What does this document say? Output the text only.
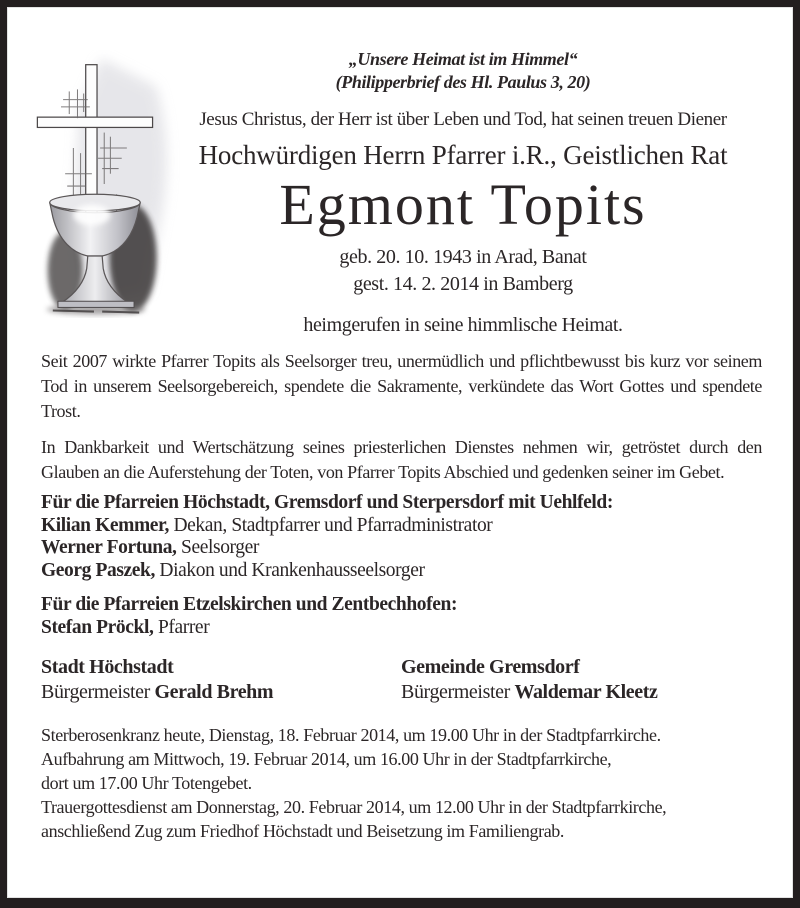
„Unsere Heimat ist im Himmel“
(Philipperbrief des Hl. Paulus 3, 20)
Jesus Christus, der Herr ist über Leben und Tod, hat seinen treuen Diener
Hochwürdigen Herrn Pfarrer i.R., Geistlichen Rat
Egmont Topits
geb. 20. 10. 1943 in Arad, Banat
gest. 14. 2. 2014 in Bamberg
heimgerufen in seine himmlische Heimat.

Seit 2007 wirkte Pfarrer Topits als Seelsorger treu, unermüdlich und pflichtbewusst bis kurz vor seinem Tod in unserem Seelsorgebereich, spendete die Sakramente, verkündete das Wort Gottes und spendete Trost.

In Dankbarkeit und Wertschätzung seines priesterlichen Dienstes nehmen wir, getröstet durch den Glauben an die Auferstehung der Toten, von Pfarrer Topits Abschied und gedenken seiner im Gebet.

Für die Pfarreien Höchstadt, Gremsdorf und Sterpersdorf mit Uehlfeld:
Kilian Kemmer, Dekan, Stadtpfarrer und Pfarradministrator
Werner Fortuna, Seelsorger
Georg Paszek, Diakon und Krankenhausseelsorger
Für die Pfarreien Etzelskirchen und Zentbechhofen:
Stefan Pröckl, Pfarrer
Stadt Höchstadt
Bürgermeister Gerald Brehm
Gemeinde Gremsdorf
Bürgermeister Waldemar Kleetz

Sterberosenkranz heute, Dienstag, 18. Februar 2014, um 19.00 Uhr in der Stadtpfarrkirche.

Aufbahrung am Mittwoch, 19. Februar 2014, um 16.00 Uhr in der Stadtpfarrkirche,

dort um 17.00 Uhr Totengebet.

Trauergottesdienst am Donnerstag, 20. Februar 2014, um 12.00 Uhr in der Stadtpfarrkirche,

anschließend Zug zum Friedhof Höchstadt und Beisetzung im Familiengrab.
